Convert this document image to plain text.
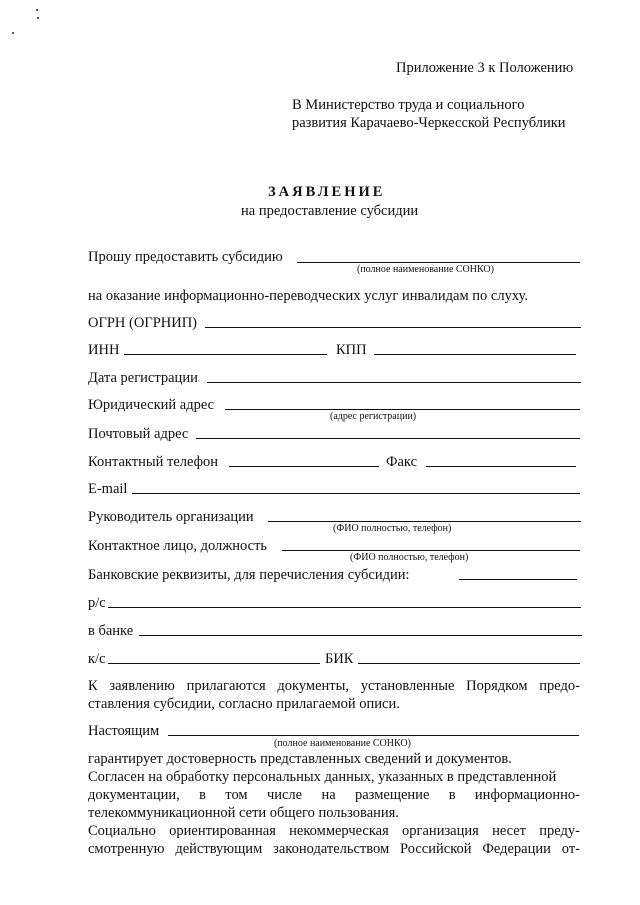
Приложение 3 к Положению
В Министерство труда и социального
развития Карачаево-Черкесской Республики
ЗАЯВЛЕНИЕ
на предоставление субсидии
Прошу предоставить субсидию
(полное наименование СОНКО)
на оказание информационно-переводческих услуг инвалидам по слуху.
ОГРН (ОГРНИП)
ИНН	КПП
Дата регистрации
Юридический адрес
(адрес регистрации)
Почтовый адрес
Контактный телефон	Факс
E-mail
Руководитель организации
(ФИО полностью, телефон)
Контактное лицо, должность
(ФИО полностью, телефон)
Банковские реквизиты, для перечисления субсидии:
р/с
в банке
к/с	БИК
К заявлению прилагаются документы, установленные Порядком предо-
ставления субсидии, согласно прилагаемой описи.
Настоящим
(полное наименование СОНКО)
гарантирует достоверность представленных сведений и документов.
Согласен на обработку персональных данных, указанных в представленной
документации, в том числе на размещение в информационно-
телекоммуникационной сети общего пользования.
Социально ориентированная некоммерческая организация несет преду-
смотренную действующим законодательством Российской Федерации от-
